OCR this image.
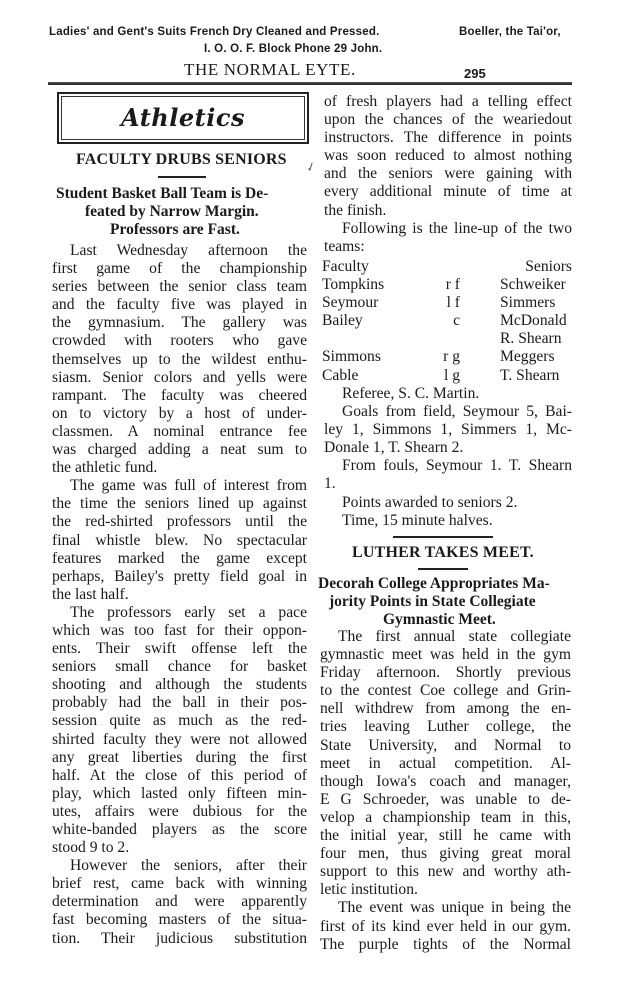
Ladies' and Gent's Suits French Dry Cleaned and Pressed.	Boeller, the Tai'or,
I. O. O. F. Block Phone 29 John.
THE NORMAL EYTE.	295
Athletics
FACULTY DRUBS SENIORS
Student Basket Ball Team is De-
feated by Narrow Margin.
Professors are Fast.
Last Wednesday afternoon the
first game of the championship
series between the senior class team
and the faculty five was played in
the gymnasium. The gallery was
crowded with rooters who gave
themselves up to the wildest enthu-
siasm. Senior colors and yells were
rampant. The faculty was cheered
on to victory by a host of under-
classmen. A nominal entrance fee
was charged adding a neat sum to
the athletic fund.
The game was full of interest from
the time the seniors lined up against
the red-shirted professors until the
final whistle blew. No spectacular
features marked the game except
perhaps, Bailey's pretty field goal in
the last half.
The professors early set a pace
which was too fast for their oppon-
ents. Their swift offense left the
seniors small chance for basket
shooting and although the students
probably had the ball in their pos-
session quite as much as the red-
shirted faculty they were not allowed
any great liberties during the first
half. At the close of this period of
play, which lasted only fifteen min-
utes, affairs were dubious for the
white-banded players as the score
stood 9 to 2.
However the seniors, after their
brief rest, came back with winning
determination and were apparently
fast becoming masters of the situa-
tion. Their judicious substitution
of fresh players had a telling effect
upon the chances of the weariedout
instructors. The difference in points
was soon reduced to almost nothing
and the seniors were gaining with
every additional minute of time at
the finish.
Following is the line-up of the two
teams:
Faculty	Seniors
Tompkins	r f	Schweiker
Seymour	l f	Simmers
Bailey	c	McDonald
R. Shearn
Simmons	r g	Meggers
Cable	l g	T. Shearn
Referee, S. C. Martin.
Goals from field, Seymour 5, Bai-
ley 1, Simmons 1, Simmers 1, Mc-
Donale 1, T. Shearn 2.
From fouls, Seymour 1. T. Shearn
1.
Points awarded to seniors 2.
Time, 15 minute halves.
LUTHER TAKES MEET.
Decorah College Appropriates Ma-
jority Points in State Collegiate
Gymnastic Meet.
The first annual state collegiate
gymnastic meet was held in the gym
Friday afternoon. Shortly previous
to the contest Coe college and Grin-
nell withdrew from among the en-
tries leaving Luther college, the
State University, and Normal to
meet in actual competition. Al-
though Iowa's coach and manager,
E G Schroeder, was unable to de-
velop a championship team in this,
the initial year, still he came with
four men, thus giving great moral
support to this new and worthy ath-
letic institution.
The event was unique in being the
first of its kind ever held in our gym.
The purple tights of the Normal
✓
